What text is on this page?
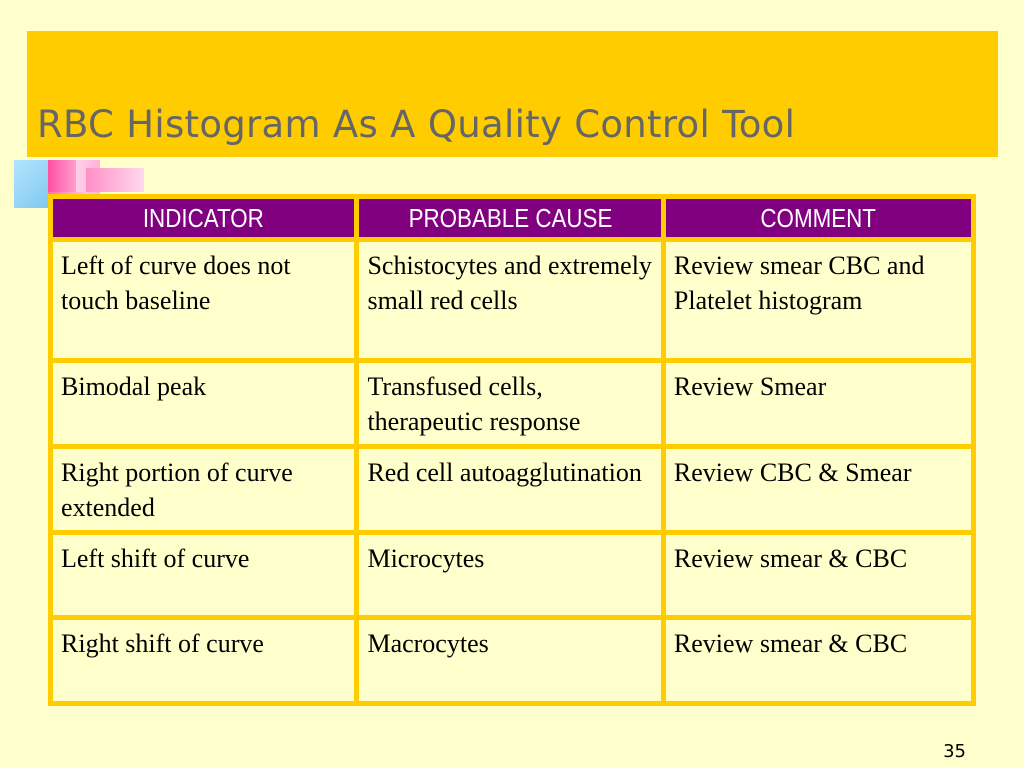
RBC Histogram As A Quality Control Tool
INDICATOR	PROBABLE CAUSE	COMMENT
Left of curve does not touch baseline	Schistocytes and extremely small red cells	Review smear CBC and Platelet histogram
Bimodal peak	Transfused cells, therapeutic response	Review Smear
Right portion of curve extended	Red cell autoagglutination	Review CBC & Smear
Left shift of curve	Microcytes	Review smear & CBC
Right shift of curve	Macrocytes	Review smear & CBC
35
